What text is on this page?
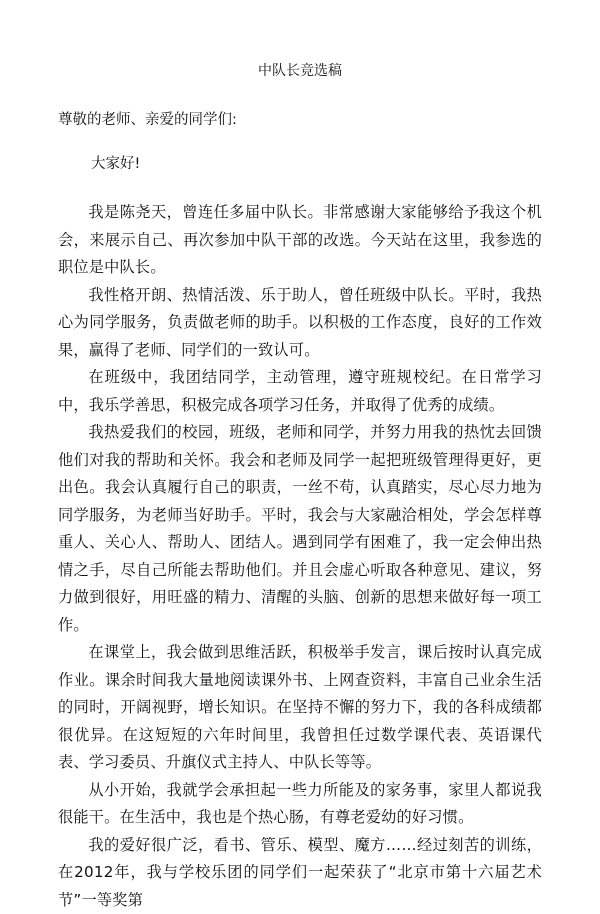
中队长竞选稿
尊敬的老师、亲爱的同学们:
大家好!

我是陈尧天，曾连任多届中队长。非常感谢大家能够给予我这个机会，来展示自己、再次参加中队干部的改选。今天站在这里，我参选的职位是中队长。

我性格开朗、热情活泼、乐于助人，曾任班级中队长。平时，我热心为同学服务，负责做老师的助手。以积极的工作态度，良好的工作效果，赢得了老师、同学们的一致认可。

在班级中，我团结同学，主动管理，遵守班规校纪。在日常学习中，我乐学善思，积极完成各项学习任务，并取得了优秀的成绩。

我热爱我们的校园，班级，老师和同学，并努力用我的热忱去回馈他们对我的帮助和关怀。我会和老师及同学一起把班级管理得更好，更出色。我会认真履行自己的职责，一丝不苟，认真踏实，尽心尽力地为同学服务，为老师当好助手。平时，我会与大家融洽相处，学会怎样尊重人、关心人、帮助人、团结人。遇到同学有困难了，我一定会伸出热情之手，尽自己所能去帮助他们。并且会虚心听取各种意见、建议，努力做到很好，用旺盛的精力、清醒的头脑、创新的思想来做好每一项工作。

在课堂上，我会做到思维活跃，积极举手发言，课后按时认真完成作业。课余时间我大量地阅读课外书、上网查资料，丰富自己业余生活的同时，开阔视野，增长知识。在坚持不懈的努力下，我的各科成绩都很优异。在这短短的六年时间里，我曾担任过数学课代表、英语课代表、学习委员、升旗仪式主持人、中队长等等。

从小开始，我就学会承担起一些力所能及的家务事，家里人都说我很能干。在生活中，我也是个热心肠，有尊老爱幼的好习惯。

我的爱好很广泛，看书、管乐、模型、魔方……经过刻苦的训练，在2012年，我与学校乐团的同学们一起荣获了“北京市第十六届艺术节”一等奖第
